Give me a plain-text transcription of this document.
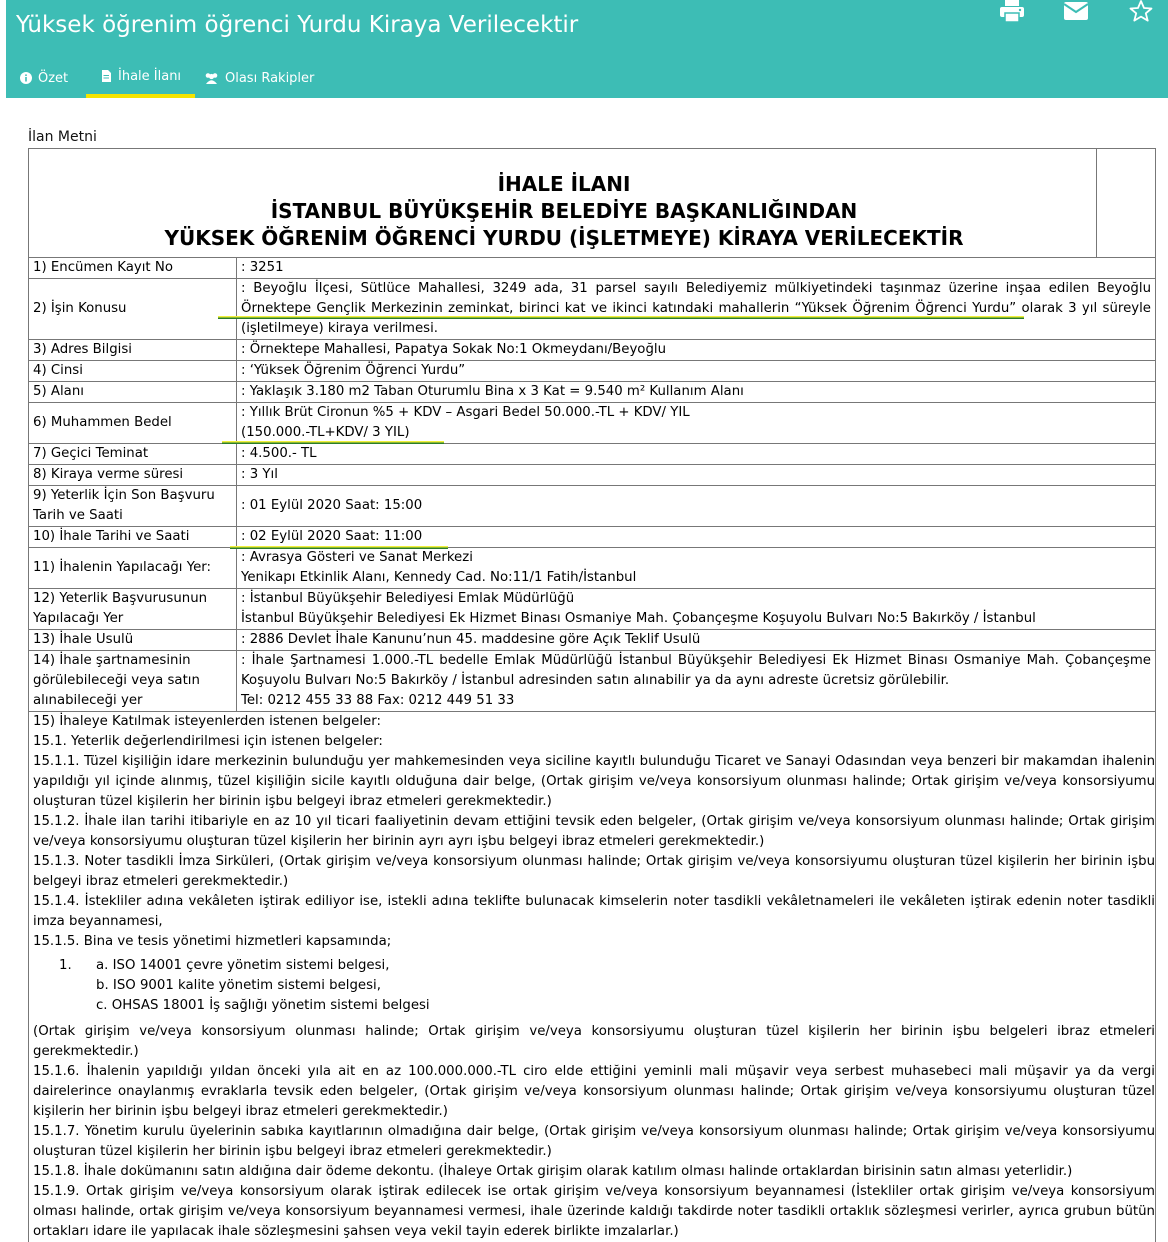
Yüksek öğrenim öğrenci Yurdu Kiraya Verilecektir
Özet	İhale İlanı	Olası Rakipler
İlan Metni
İHALE İLANI
İSTANBUL BÜYÜKŞEHİR BELEDİYE BAŞKANLIĞINDAN
YÜKSEK ÖĞRENİM ÖĞRENCİ YURDU (İŞLETMEYE) KİRAYA VERİLECEKTİR
1) Encümen Kayıt No	: 3251

2) İşin Konusu	: Beyoğlu İlçesi, Sütlüce Mahallesi, 3249 ada, 31 parsel sayılı Belediyemiz mülkiyetindeki taşınmaz üzerine inşaa edilen Beyoğlu Örnektepe Gençlik Merkezinin zeminkat, birinci kat ve ikinci katındaki mahallerin “Yüksek Öğrenim Öğrenci Yurdu” olarak 3 yıl süreyle (işletilmeye) kiraya verilmesi.

3) Adres Bilgisi	: Örnektepe Mahallesi, Papatya Sokak No:1 Okmeydanı/Beyoğlu

4) Cinsi	: ‘Yüksek Öğrenim Öğrenci Yurdu”

5) Alanı	: Yaklaşık 3.180 m2 Taban Oturumlu Bina x 3 Kat = 9.540 m² Kullanım Alanı

6) Muhammen Bedel	: Yıllık Brüt Cironun %5 + KDV – Asgari Bedel 50.000.-TL + KDV/ YIL
(150.000.-TL+KDV/ 3 YIL)

7) Geçici Teminat	: 4.500.- TL

8) Kiraya verme süresi	: 3 Yıl

9) Yeterlik İçin Son Başvuru Tarih ve Saati	: 01 Eylül 2020 Saat: 15:00

10) İhale Tarihi ve Saati	: 02 Eylül 2020 Saat: 11:00

11) İhalenin Yapılacağı Yer:	: Avrasya Gösteri ve Sanat Merkezi
Yenikapı Etkinlik Alanı, Kennedy Cad. No:11/1 Fatih/İstanbul

12) Yeterlik Başvurusunun Yapılacağı Yer	: İstanbul Büyükşehir Belediyesi Emlak Müdürlüğü
İstanbul Büyükşehir Belediyesi Ek Hizmet Binası Osmaniye Mah. Çobançeşme Koşuyolu Bulvarı No:5 Bakırköy / İstanbul

13) İhale Usulü	: 2886 Devlet İhale Kanunu’nun 45. maddesine göre Açık Teklif Usulü

14) İhale şartnamesinin görülebileceği veya satın alınabileceği yer	: İhale Şartnamesi 1.000.-TL bedelle Emlak Müdürlüğü İstanbul Büyükşehir Belediyesi Ek Hizmet Binası Osmaniye Mah. Çobançeşme Koşuyolu Bulvarı No:5 Bakırköy / İstanbul adresinden satın alınabilir ya da aynı adreste ücretsiz görülebilir.
Tel: 0212 455 33 88 Fax: 0212 449 51 33
15) İhaleye Katılmak isteyenlerden istenen belgeler:
15.1. Yeterlik değerlendirilmesi için istenen belgeler:
15.1.1. Tüzel kişiliğin idare merkezinin bulunduğu yer mahkemesinden veya siciline kayıtlı bulunduğu Ticaret ve Sanayi Odasından veya benzeri bir makamdan ihalenin yapıldığı yıl içinde alınmış, tüzel kişiliğin sicile kayıtlı olduğuna dair belge, (Ortak girişim ve/veya konsorsiyum olunması halinde; Ortak girişim ve/veya konsorsiyumu oluşturan tüzel kişilerin her birinin işbu belgeyi ibraz etmeleri gerekmektedir.)
15.1.2. İhale ilan tarihi itibariyle en az 10 yıl ticari faaliyetinin devam ettiğini tevsik eden belgeler, (Ortak girişim ve/veya konsorsiyum olunması halinde; Ortak girişim ve/veya konsorsiyumu oluşturan tüzel kişilerin her birinin ayrı ayrı işbu belgeyi ibraz etmeleri gerekmektedir.)
15.1.3. Noter tasdikli İmza Sirküleri, (Ortak girişim ve/veya konsorsiyum olunması halinde; Ortak girişim ve/veya konsorsiyumu oluşturan tüzel kişilerin her birinin işbu belgeyi ibraz etmeleri gerekmektedir.)
15.1.4. İstekliler adına vekâleten iştirak ediliyor ise, istekli adına teklifte bulunacak kimselerin noter tasdikli vekâletnameleri ile vekâleten iştirak edenin noter tasdikli imza beyannamesi,
15.1.5. Bina ve tesis yönetimi hizmetleri kapsamında;
1.	a. ISO 14001 çevre yönetim sistemi belgesi,
b. ISO 9001 kalite yönetim sistemi belgesi,
c. OHSAS 18001 İş sağlığı yönetim sistemi belgesi
(Ortak girişim ve/veya konsorsiyum olunması halinde; Ortak girişim ve/veya konsorsiyumu oluşturan tüzel kişilerin her birinin işbu belgeleri ibraz etmeleri gerekmektedir.)
15.1.6. İhalenin yapıldığı yıldan önceki yıla ait en az 100.000.000.-TL ciro elde ettiğini yeminli mali müşavir veya serbest muhasebeci mali müşavir ya da vergi dairelerince onaylanmış evraklarla tevsik eden belgeler, (Ortak girişim ve/veya konsorsiyum olunması halinde; Ortak girişim ve/veya konsorsiyumu oluşturan tüzel kişilerin her birinin işbu belgeyi ibraz etmeleri gerekmektedir.)
15.1.7. Yönetim kurulu üyelerinin sabıka kayıtlarının olmadığına dair belge, (Ortak girişim ve/veya konsorsiyum olunması halinde; Ortak girişim ve/veya konsorsiyumu oluşturan tüzel kişilerin her birinin işbu belgeyi ibraz etmeleri gerekmektedir.)
15.1.8. İhale dokümanını satın aldığına dair ödeme dekontu. (İhaleye Ortak girişim olarak katılım olması halinde ortaklardan birisinin satın alması yeterlidir.)
15.1.9. Ortak girişim ve/veya konsorsiyum olarak iştirak edilecek ise ortak girişim ve/veya konsorsiyum beyannamesi (İstekliler ortak girişim ve/veya konsorsiyum olması halinde, ortak girişim ve/veya konsorsiyum beyannamesi vermesi, ihale üzerinde kaldığı takdirde noter tasdikli ortaklık sözleşmesi verirler, ayrıca grubun bütün ortakları idare ile yapılacak ihale sözleşmesini şahsen veya vekil tayin ederek birlikte imzalarlar.)
